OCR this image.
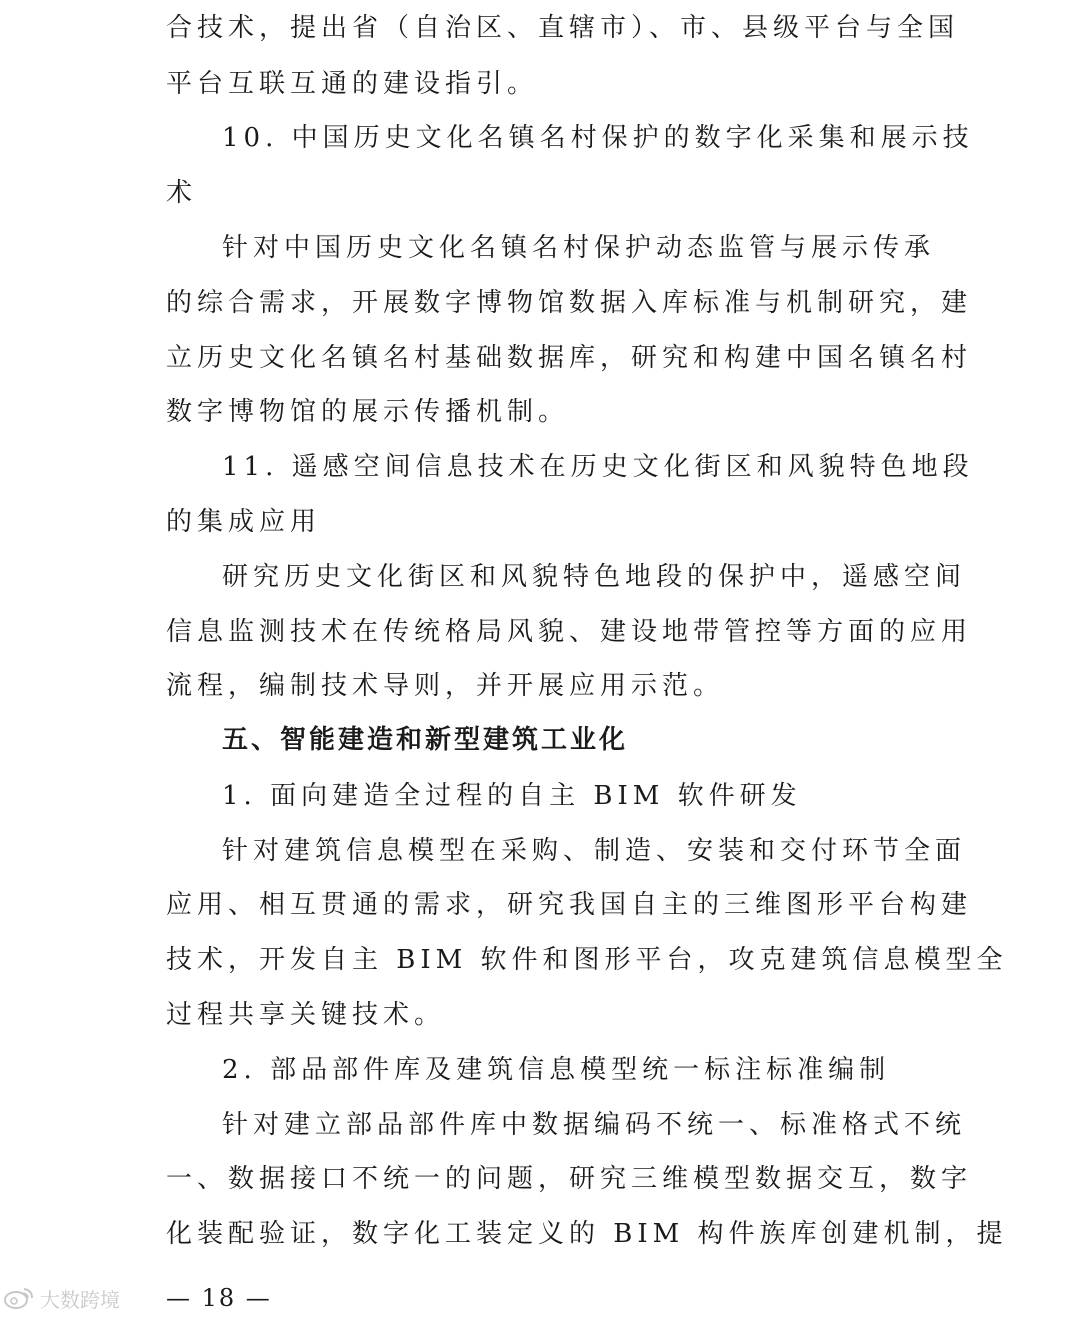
合技术，提出省（自治区、直辖市）、市、县级平台与全国
平台互联互通的建设指引。
10. 中国历史文化名镇名村保护的数字化采集和展示技
术
针对中国历史文化名镇名村保护动态监管与展示传承
的综合需求，开展数字博物馆数据入库标准与机制研究，建
立历史文化名镇名村基础数据库，研究和构建中国名镇名村
数字博物馆的展示传播机制。
11. 遥感空间信息技术在历史文化街区和风貌特色地段
的集成应用
研究历史文化街区和风貌特色地段的保护中，遥感空间
信息监测技术在传统格局风貌、建设地带管控等方面的应用
流程，编制技术导则，并开展应用示范。
五、智能建造和新型建筑工业化
1. 面向建造全过程的自主 BIM 软件研发
针对建筑信息模型在采购、制造、安装和交付环节全面
应用、相互贯通的需求，研究我国自主的三维图形平台构建
技术，开发自主 BIM 软件和图形平台，攻克建筑信息模型全
过程共享关键技术。
2. 部品部件库及建筑信息模型统一标注标准编制
针对建立部品部件库中数据编码不统一、标准格式不统
一、数据接口不统一的问题，研究三维模型数据交互，数字
化装配验证，数字化工装定义的 BIM 构件族库创建机制，提
大数跨境 — 18 —
